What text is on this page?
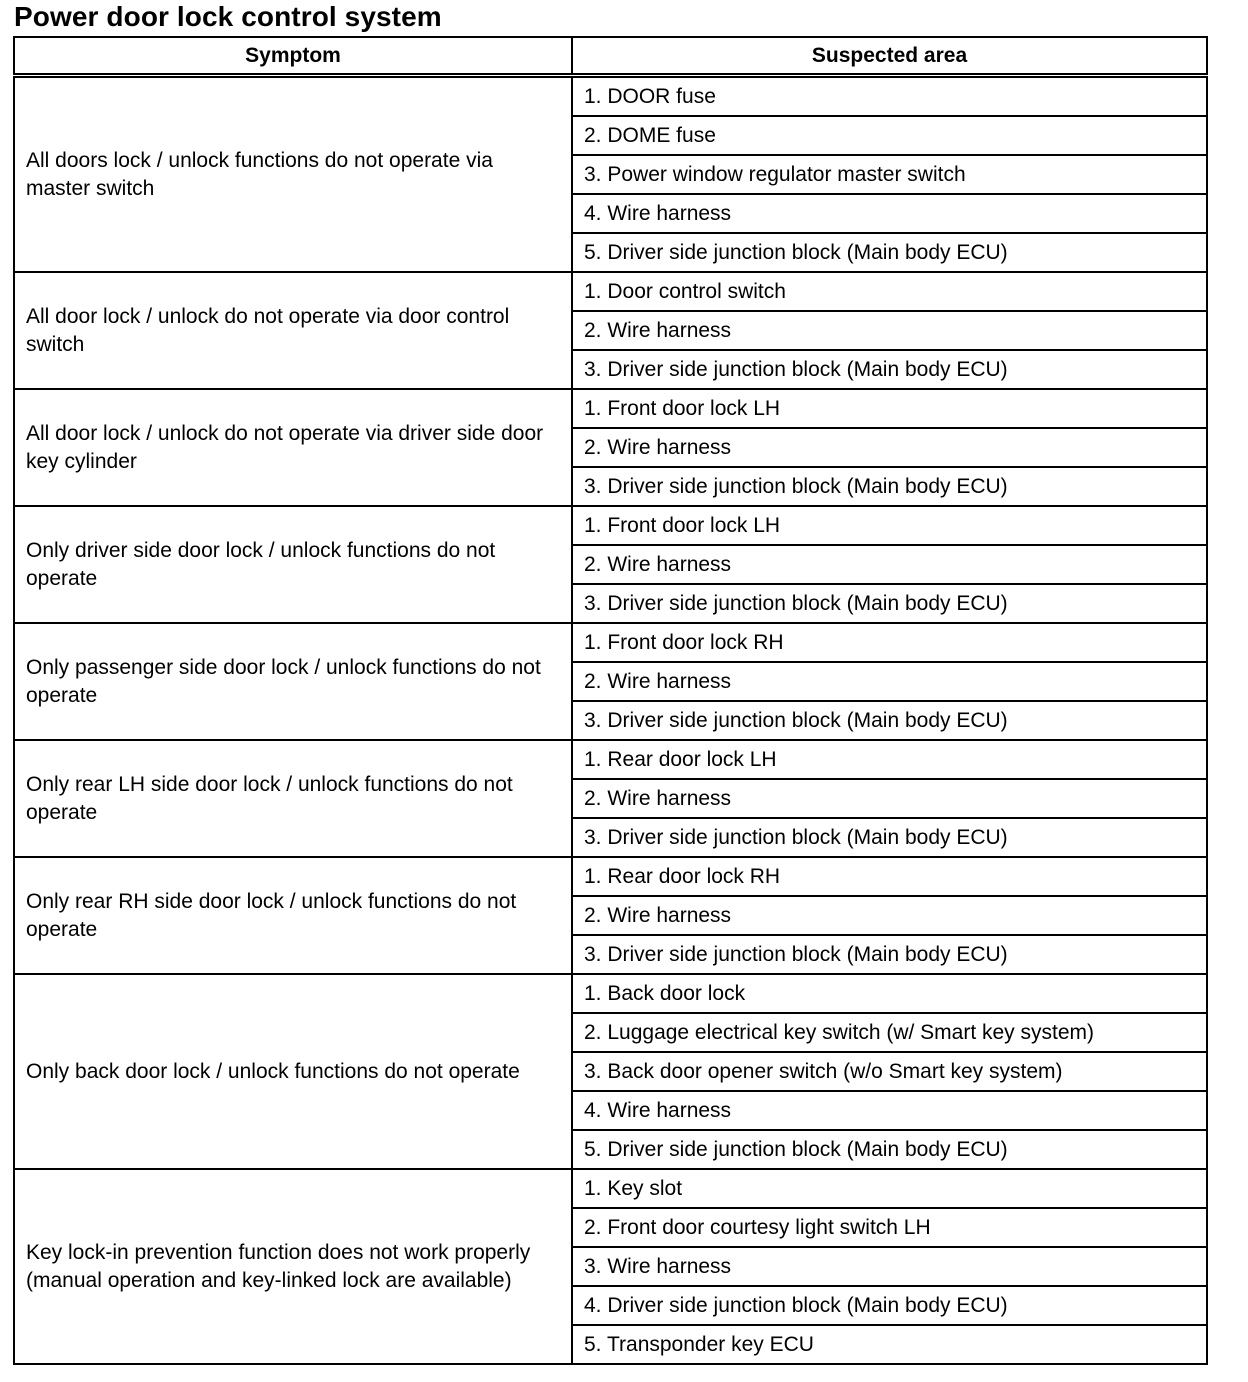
Power door lock control system
Symptom	Suspected area
All doors lock / unlock functions do not operate via master switch	1. DOOR fuse
	2. DOME fuse
	3. Power window regulator master switch
	4. Wire harness
	5. Driver side junction block (Main body ECU)
All door lock / unlock do not operate via door control switch	1. Door control switch
	2. Wire harness
	3. Driver side junction block (Main body ECU)
All door lock / unlock do not operate via driver side door key cylinder	1. Front door lock LH
	2. Wire harness
	3. Driver side junction block (Main body ECU)
Only driver side door lock / unlock functions do not operate	1. Front door lock LH
	2. Wire harness
	3. Driver side junction block (Main body ECU)
Only passenger side door lock / unlock functions do not operate	1. Front door lock RH
	2. Wire harness
	3. Driver side junction block (Main body ECU)
Only rear LH side door lock / unlock functions do not operate	1. Rear door lock LH
	2. Wire harness
	3. Driver side junction block (Main body ECU)
Only rear RH side door lock / unlock functions do not operate	1. Rear door lock RH
	2. Wire harness
	3. Driver side junction block (Main body ECU)
Only back door lock / unlock functions do not operate	1. Back door lock
	2. Luggage electrical key switch (w/ Smart key system)
	3. Back door opener switch (w/o Smart key system)
	4. Wire harness
	5. Driver side junction block (Main body ECU)
Key lock-in prevention function does not work properly (manual operation and key-linked lock are available)	1. Key slot
	2. Front door courtesy light switch LH
	3. Wire harness
	4. Driver side junction block (Main body ECU)
	5. Transponder key ECU
